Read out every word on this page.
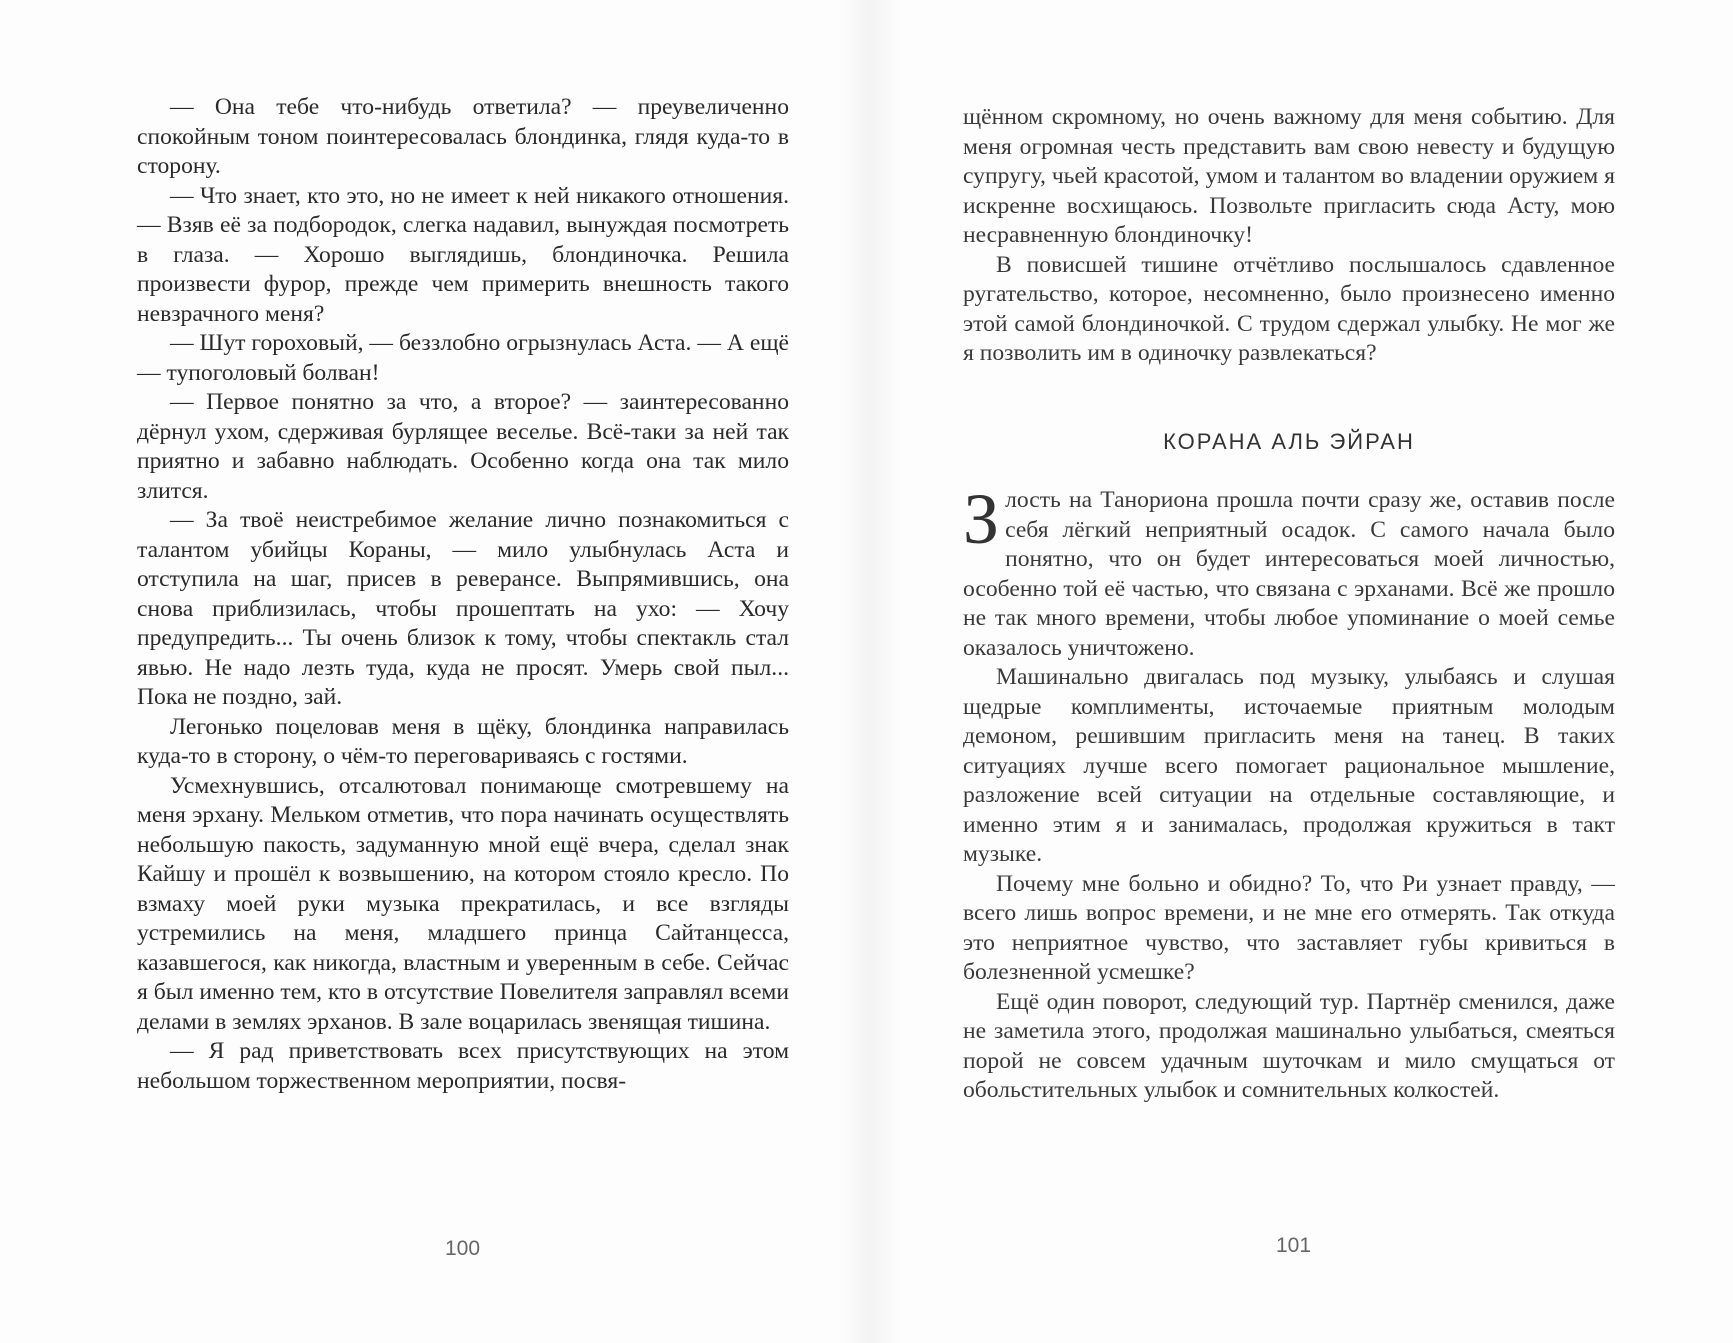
— Она тебе что-нибудь ответила? — преувеличенно спокойным тоном поинтересовалась блондинка, глядя куда-то в сторону.

— Что знает, кто это, но не имеет к ней никакого отношения. — Взяв её за подбородок, слегка надавил, вынуждая посмотреть в глаза. — Хорошо выглядишь, блондиночка. Решила произвести фурор, прежде чем примерить внешность такого невзрачного меня?

— Шут гороховый, — беззлобно огрызнулась Аста. — А ещё — тупоголовый болван!

— Первое понятно за что, а второе? — заинтересованно дёрнул ухом, сдерживая бурлящее веселье. Всё-таки за ней так приятно и забавно наблюдать. Особенно когда она так мило злится.

— За твоё неистребимое желание лично познакомиться с талантом убийцы Кораны, — мило улыбнулась Аста и отступила на шаг, присев в реверансе. Выпрямившись, она снова приблизилась, чтобы прошептать на ухо: — Хочу предупредить... Ты очень близок к тому, чтобы спектакль стал явью. Не надо лезть туда, куда не просят. Умерь свой пыл... Пока не поздно, зай.

Легонько поцеловав меня в щёку, блондинка направилась куда-то в сторону, о чём-то переговариваясь с гостями.

Усмехнувшись, отсалютовал понимающе смотревшему на меня эрхану. Мельком отметив, что пора начинать осуществлять небольшую пакость, задуманную мной ещё вчера, сделал знак Кайшу и прошёл к возвышению, на котором стояло кресло. По взмаху моей руки музыка прекратилась, и все взгляды устремились на меня, младшего принца Сайтанцесса, казавшегося, как никогда, властным и уверенным в себе. Сейчас я был именно тем, кто в отсутствие Повелителя заправлял всеми делами в землях эрханов. В зале воцарилась звенящая тишина.

— Я рад приветствовать всех присутствующих на этом небольшом торжественном мероприятии, посвя-

100

щённом скромному, но очень важному для меня событию. Для меня огромная честь представить вам свою невесту и будущую супругу, чьей красотой, умом и талантом во владении оружием я искренне восхищаюсь. Позвольте пригласить сюда Асту, мою несравненную блондиночку!

В повисшей тишине отчётливо послышалось сдавленное ругательство, которое, несомненно, было произнесено именно этой самой блондиночкой. С трудом сдержал улыбку. Не мог же я позволить им в одиночку развлекаться?

КОРАНА АЛЬ ЭЙРАН

Злость на Танориона прошла почти сразу же, оставив после себя лёгкий неприятный осадок. С самого начала было понятно, что он будет интересоваться моей личностью, особенно той её частью, что связана с эрханами. Всё же прошло не так много времени, чтобы любое упоминание о моей семье оказалось уничтожено.

Машинально двигалась под музыку, улыбаясь и слушая щедрые комплименты, источаемые приятным молодым демоном, решившим пригласить меня на танец. В таких ситуациях лучше всего помогает рациональное мышление, разложение всей ситуации на отдельные составляющие, и именно этим я и занималась, продолжая кружиться в такт музыке.

Почему мне больно и обидно? То, что Ри узнает правду, — всего лишь вопрос времени, и не мне его отмерять. Так откуда это неприятное чувство, что заставляет губы кривиться в болезненной усмешке?

Ещё один поворот, следующий тур. Партнёр сменился, даже не заметила этого, продолжая машинально улыбаться, смеяться порой не совсем удачным шуточкам и мило смущаться от обольстительных улыбок и сомнительных колкостей.

101
